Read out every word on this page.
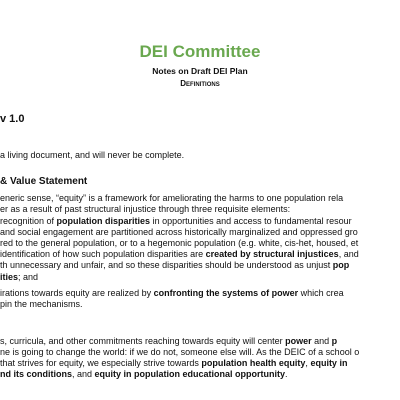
DEI Committee
Notes on Draft DEI Plan
Definitions
v 1.0
a living document, and will never be complete.
& Value Statement
eneric sense, “equity” is a framework for ameliorating the harms to one population rela
er as a result of past structural injustice through three requisite elements:
recognition of population disparities in opportunities and access to fundamental resour
and social engagement are partitioned across historically marginalized and oppressed gro
red to the general population, or to a hegemonic population (e.g. white, cis-het, housed, et
identification of how such population disparities are created by structural injustices, and
th unnecessary and unfair, and so these disparities should be understood as unjust pop
ities; and
irations towards equity are realized by confronting the systems of power which crea
pin the mechanisms.
s, curricula, and other commitments reaching towards equity will center power and p
ne is going to change the world: if we do not, someone else will. As the DEIC of a school o
that strives for equity, we especially strive towards population health equity, equity in
nd its conditions, and equity in population educational opportunity.
